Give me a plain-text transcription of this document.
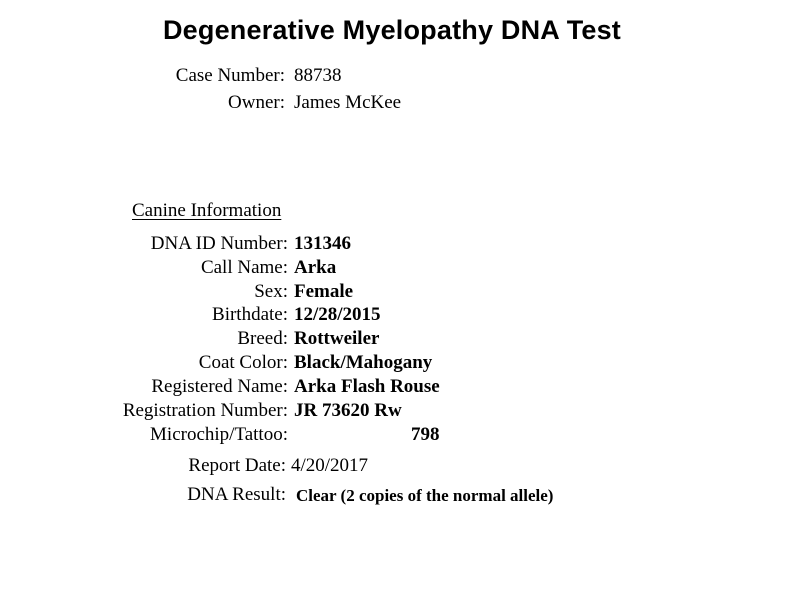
Degenerative Myelopathy DNA Test
Case Number: 88738
Owner: James McKee
Canine Information
DNA ID Number: 131346
Call Name: Arka
Sex: Female
Birthdate: 12/28/2015
Breed: Rottweiler
Coat Color: Black/Mahogany
Registered Name: Arka Flash Rouse
Registration Number: JR 73620 Rw
Microchip/Tattoo:	798
Report Date: 4/20/2017
DNA Result: Clear (2 copies of the normal allele)
